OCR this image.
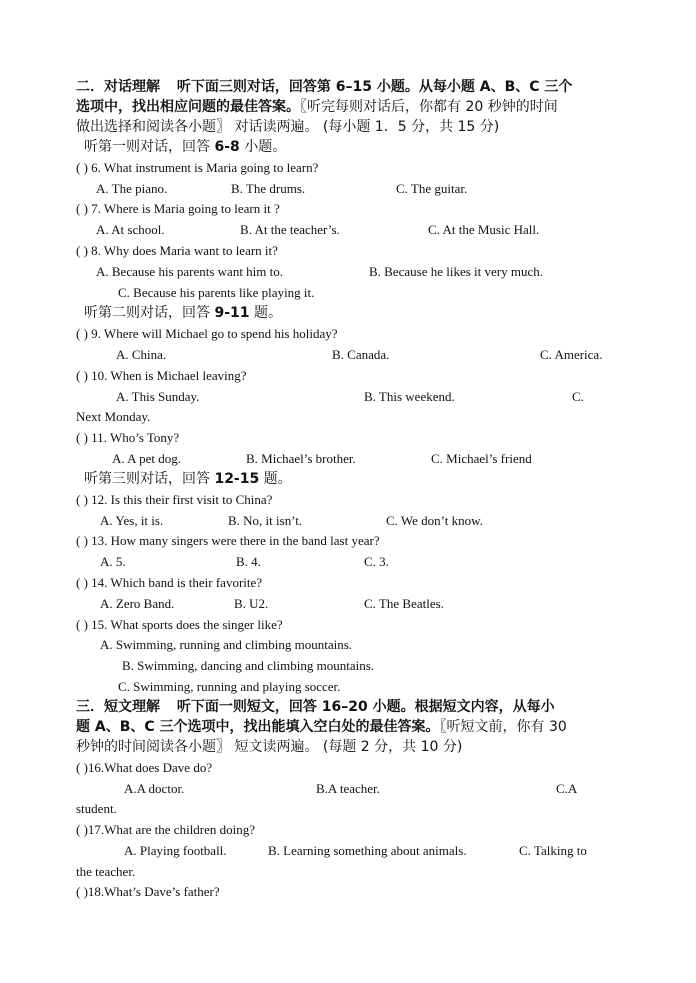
二．对话理解 听下面三则对话，回答第 6–15 小题。从每小题 A、B、C 三个
选项中，找出相应问题的最佳答案。〖听完每则对话后，你都有 20 秒钟的时间
做出选择和阅读各小题〗 对话读两遍。 (每小题 1．5 分，共 15 分)
听第一则对话，回答 6-8 小题。
( ) 6. What instrument is Maria going to learn?
A. The piano.	B. The drums.	C. The guitar.
( ) 7. Where is Maria going to learn it ?
A. At school.	B. At the teacher’s.	C. At the Music Hall.
( ) 8. Why does Maria want to learn it?
A. Because his parents want him to.	B. Because he likes it very much.
C. Because his parents like playing it.
听第二则对话，回答 9-11 题。
( ) 9. Where will Michael go to spend his holiday?
A. China.	B. Canada.	C. America.
( ) 10. When is Michael leaving?
A. This Sunday.	B. This weekend.	C.
Next Monday.
( ) 11. Who’s Tony?
A. A pet dog.	B. Michael’s brother.	C. Michael’s friend
听第三则对话，回答 12-15 题。
( ) 12. Is this their first visit to China?
A. Yes, it is.	B. No, it isn’t.	C. We don’t know.
( ) 13. How many singers were there in the band last year?
A. 5.	B. 4.	C. 3.
( ) 14. Which band is their favorite?
A. Zero Band.	B. U2.	C. The Beatles.
( ) 15. What sports does the singer like?
A. Swimming, running and climbing mountains.
B. Swimming, dancing and climbing mountains.
C. Swimming, running and playing soccer.
三．短文理解 听下面一则短文，回答 16–20 小题。根据短文内容，从每小
题 A、B、C 三个选项中，找出能填入空白处的最佳答案。〖听短文前，你有 30
秒钟的时间阅读各小题〗 短文读两遍。 (每题 2 分，共 10 分)
( )16.What does Dave do?
A.A doctor.	B.A teacher.	C.A
student.
( )17.What are the children doing?
A. Playing football.	B. Learning something about animals.	C. Talking to
the teacher.
( )18.What’s Dave’s father?
